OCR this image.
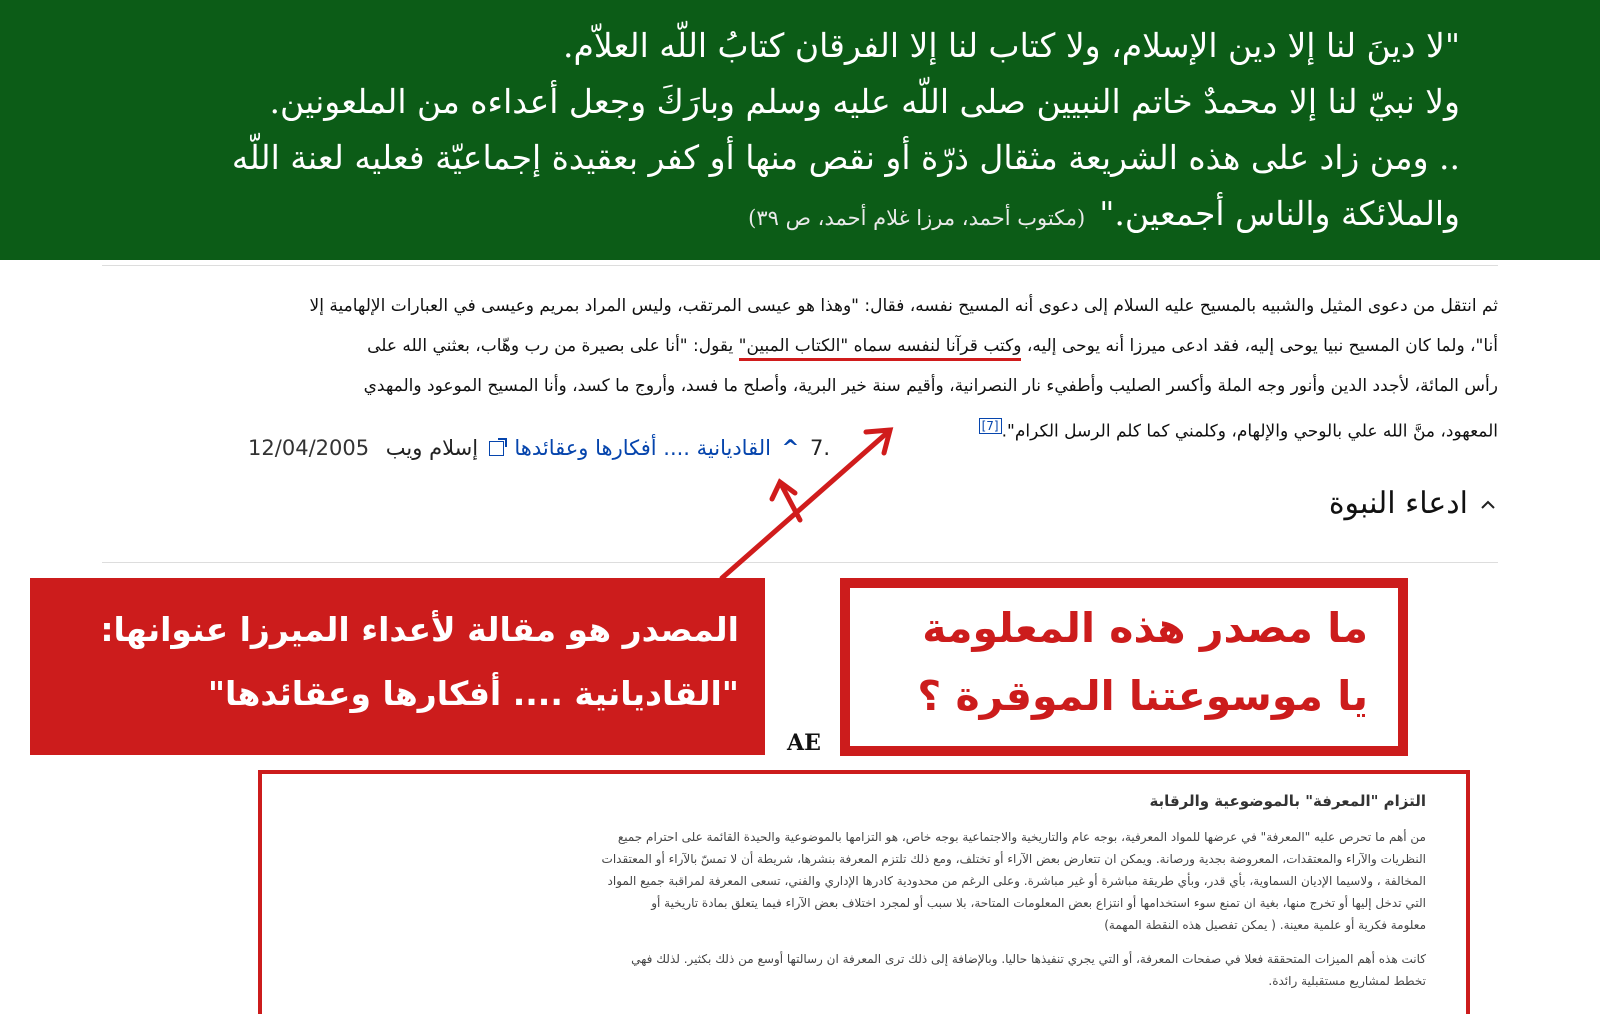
"لا دينَ لنا إلا دين الإسلام، ولا كتاب لنا إلا الفرقان كتابُ اللّه العلاّم.
ولا نبيّ لنا إلا محمدٌ خاتم النبيين صلى اللّه عليه وسلم وبارَكَ وجعل أعداءه من الملعونين.
.. ومن زاد على هذه الشريعة مثقال ذرّة أو نقص منها أو كفر بعقيدة إجماعيّة فعليه لعنة اللّه
والملائكة والناس أجمعين."(مكتوب أحمد، مرزا غلام أحمد، ص ٣٩)
ثم انتقل من دعوى المثيل والشبيه بالمسيح عليه السلام إلى دعوى أنه المسيح نفسه، فقال: "وهذا هو عيسى المرتقب، وليس المراد بمريم وعيسى في العبارات الإلهامية إلا
أنا"، ولما كان المسيح نبيا يوحى إليه، فقد ادعى ميرزا أنه يوحى إليه، وكتب قرآنا لنفسه سماه "الكتاب المبين" يقول: "أنا على بصيرة من رب وهّاب، بعثني الله على
رأس المائة، لأجدد الدين وأنور وجه الملة وأكسر الصليب وأطفيء نار النصرانية، وأقيم سنة خير البرية، وأصلح ما فسد، وأروج ما كسد، وأنا المسيح الموعود والمهدي
المعهود، منَّ الله علي بالوحي والإلهام، وكلمني كما كلم الرسل الكرام".[7]
.7 ^ القاديانية .... أفكارها وعقائدها  إسلام ويب 12/04/2005
ادعاء النبوة
المصدر هو مقالة لأعداء الميرزا عنوانها:
"القاديانية .... أفكارها وعقائدها"
ما مصدر هذه المعلومة
يا موسوعتنا الموقرة ؟
AE
التزام "المعرفة" بالموضوعية والرقابة
من أهم ما تحرص عليه "المعرفة" في عرضها للمواد المعرفية، بوجه عام والتاريخية والاجتماعية بوجه خاص، هو التزامها بالموضوعية والحيدة القائمة على احترام جميع
النظريات والآراء والمعتقدات، المعروضة بجدية ورصانة. ويمكن ان تتعارض بعض الآراء أو تختلف، ومع ذلك تلتزم المعرفة بنشرها، شريطة أن لا تمسّ بالآراء أو المعتقدات
المخالفة ، ولاسيما الإديان السماوية، بأي قدر، وبأي طريقة مباشرة أو غير مباشرة. وعلى الرغم من محدودية كادرها الإداري والفني، تسعى المعرفة لمراقبة جميع المواد
التي تدخل إليها أو تخرج منها، بغية ان تمنع سوء استخدامها أو انتزاع بعض المعلومات المتاحة، بلا سبب أو لمجرد اختلاف بعض الآراء فيما يتعلق بمادة تاريخية أو
معلومة فكرية أو علمية معينة. ( يمكن تفصيل هذه النقطة المهمة)
كانت هذه أهم الميزات المتحققة فعلا في صفحات المعرفة، أو التي يجري تنفيذها حاليا. وبالإضافة إلى ذلك ترى المعرفة ان رسالتها أوسع من ذلك بكثير. لذلك فهي
تخطط لمشاريع مستقبلية رائدة.
